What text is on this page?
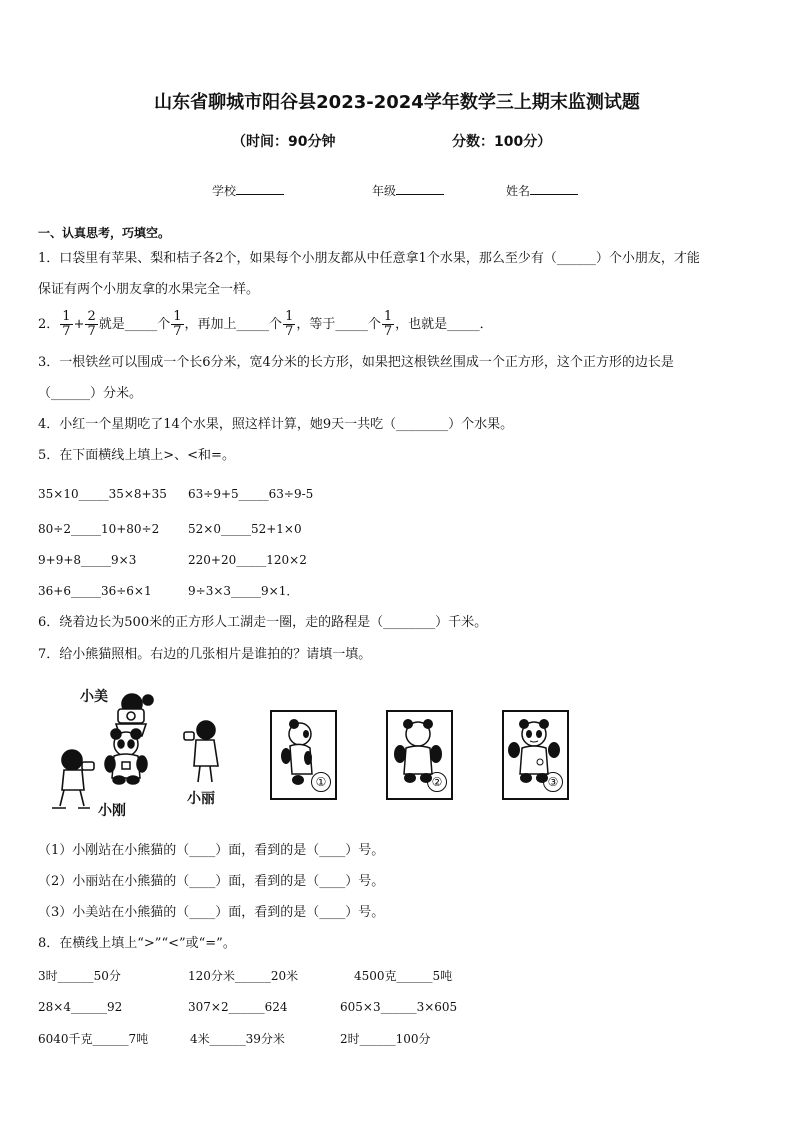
山东省聊城市阳谷县2023-2024学年数学三上期末监测试题
（时间：90分钟	分数：100分）
学校	年级	姓名
一、认真思考，巧填空。
1．口袋里有苹果、梨和桔子各2个，如果每个小朋友都从中任意拿1个水果，那么至少有（______）个小朋友，才能
保证有两个小朋友拿的水果完全一样。
2． $\frac{1}{7} + \frac{2}{7}$ 就是_____个 $\frac{1}{7}$ ，再加上_____个 $\frac{1}{7}$ ，等于_____个 $\frac{1}{7}$ ，也就是_____．
3．一根铁丝可以围成一个长6分米，宽4分米的长方形，如果把这根铁丝围成一个正方形，这个正方形的边长是
（______）分米。
4．小红一个星期吃了14个水果，照这样计算，她9天一共吃（________）个水果。
5．在下面横线上填上>、<和=。
35×10_____35×8+35 63÷9+5_____63÷9-5
80÷2_____10+80÷2 52×0_____52+1×0
9+9+8_____9×3	220+20_____120×2
36+6_____36÷6×1	9÷3×3_____9×1．
6．绕着边长为500米的正方形人工湖走一圈，走的路程是（________）千米。
7．给小熊猫照相。右边的几张相片是谁拍的？请填一填。
小美
小刚
小丽
①	②	③
（1）小刚站在小熊猫的（____）面，看到的是（____）号。
（2）小丽站在小熊猫的（____）面，看到的是（____）号。
（3）小美站在小熊猫的（____）面，看到的是（____）号。
8．在横线上填上“>”“<”或“=”。
3时______50分	120分米______20米	4500克______5吨
28×4______92	307×2______624	605×3______3×605
6040千克______7吨	4米______39分米	2时______100分
